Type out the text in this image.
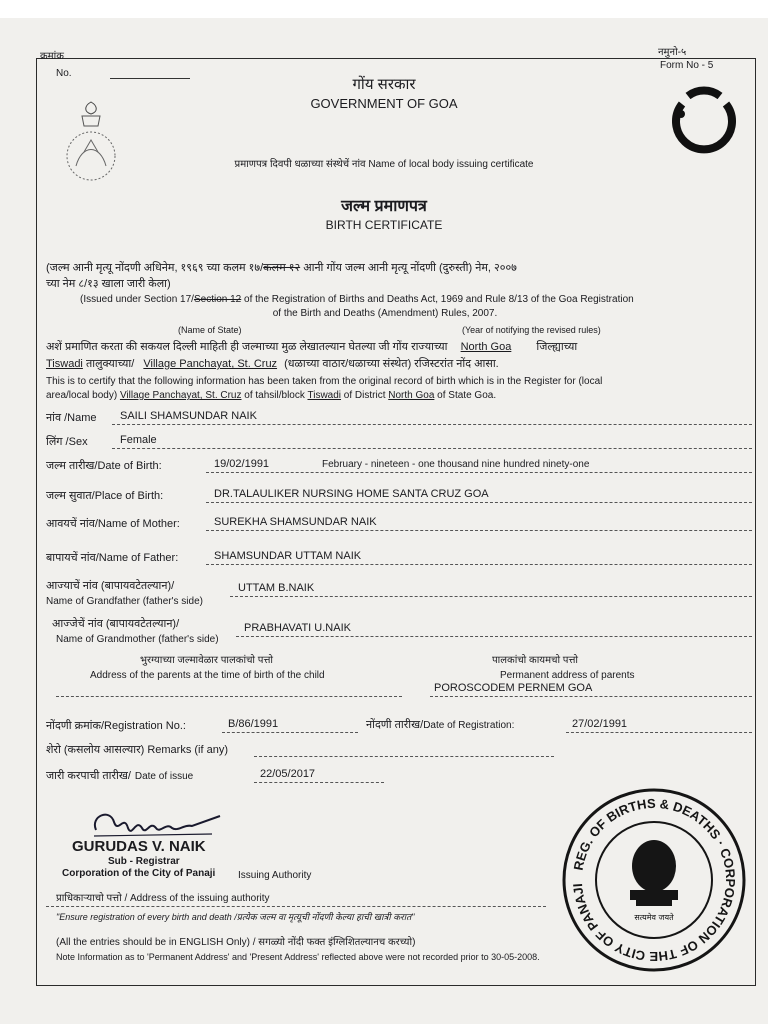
क्रमांक
No.
नमुनो-५
Form No - 5
गोंय सरकार
GOVERNMENT OF GOA
प्रमाणपत्र दिवपी धळाच्या संस्थेचें नांव Name of local body issuing certificate
जल्म प्रमाणपत्र
BIRTH CERTIFICATE
(जल्म आनी मृत्यू नोंदणी अधिनेम, १९६९ च्या कलम १७/कलम १२ आनी गोंय जल्म आनी मृत्यू नोंदणी (दुरुस्ती) नेम, २००७
च्या नेम ८/१३ खाला जारी केला)
(Issued under Section 17/Section 12 of the Registration of Births and Deaths Act, 1969 and Rule 8/13 of the Goa Registration
of the Birth and Deaths (Amendment) Rules, 2007.
(Name of State)	(Year of notifying the revised rules)
अशें प्रमाणित करता की सकयल दिल्ली माहिती ही जल्माच्या मुळ लेखातल्यान घेतल्या जी गोंय राज्याच्या North Goa जिल्ह्याच्या
Tiswadi तालुक्याच्या/ Village Panchayat, St. Cruz (धळाच्या वाठार/धळाच्या संस्थेत) रजिस्टरांत नोंद आसा.
This is to certify that the following information has been taken from the original record of birth which is in the Register for (local
area/local body) Village Panchayat, St. Cruz of tahsil/block Tiswadi of District North Goa of State Goa.
नांव /Name SAILI SHAMSUNDAR NAIK
लिंग /Sex	Female
जल्म तारीख/Date of Birth:	19/02/1991	February - nineteen - one thousand nine hundred ninety-one
जल्म सुवात/Place of Birth:	DR.TALAULIKER NURSING HOME SANTA CRUZ GOA
आवयचें नांव/Name of Mother:	SUREKHA SHAMSUNDAR NAIK
बापायचें नांव/Name of Father:	SHAMSUNDAR UTTAM NAIK
आज्याचें नांव (बापायवटेतल्यान)/	UTTAM B.NAIK
Name of Grandfather (father's side)
आज्जेचें नांव (बापायवटेतल्यान)/	PRABHAVATI U.NAIK
Name of Grandmother (father's side)
भुरग्याच्या जल्मावेळार पालकांचो पत्तो
Address of the parents at the time of birth of the child
पालकांचो कायमचो पत्तो
Permanent address of parents
POROSCODEM PERNEM GOA
नोंदणी क्रमांक/Registration No.:	B/86/1991	नोंदणी तारीख/Date of Registration:	27/02/1991
शेरो (कसलोय आसल्यार) Remarks (if any)
जारी करपाची तारीख/ Date of issue	22/05/2017
GURUDAS V. NAIK
Sub - Registrar
Corporation of the City of Panaji Issuing Authority
प्राधिकाऱ्याचो पत्तो / Address of the issuing authority
"Ensure registration of every birth and death /प्रत्येक जल्म वा मृत्यूची नोंदणी केल्या हाची खात्री करात"
(All the entries should be in ENGLISH Only) / सगळ्यो नोंदी फक्त इंग्लिशितल्यानच करच्यो)
Note Information as to 'Permanent Address' and 'Present Address' reflected above were not recorded prior to 30-05-2008.
REG. OF BIRTHS & DEATHS · CORPORATION OF THE CITY OF PANAJI
सत्यमेव जयते
